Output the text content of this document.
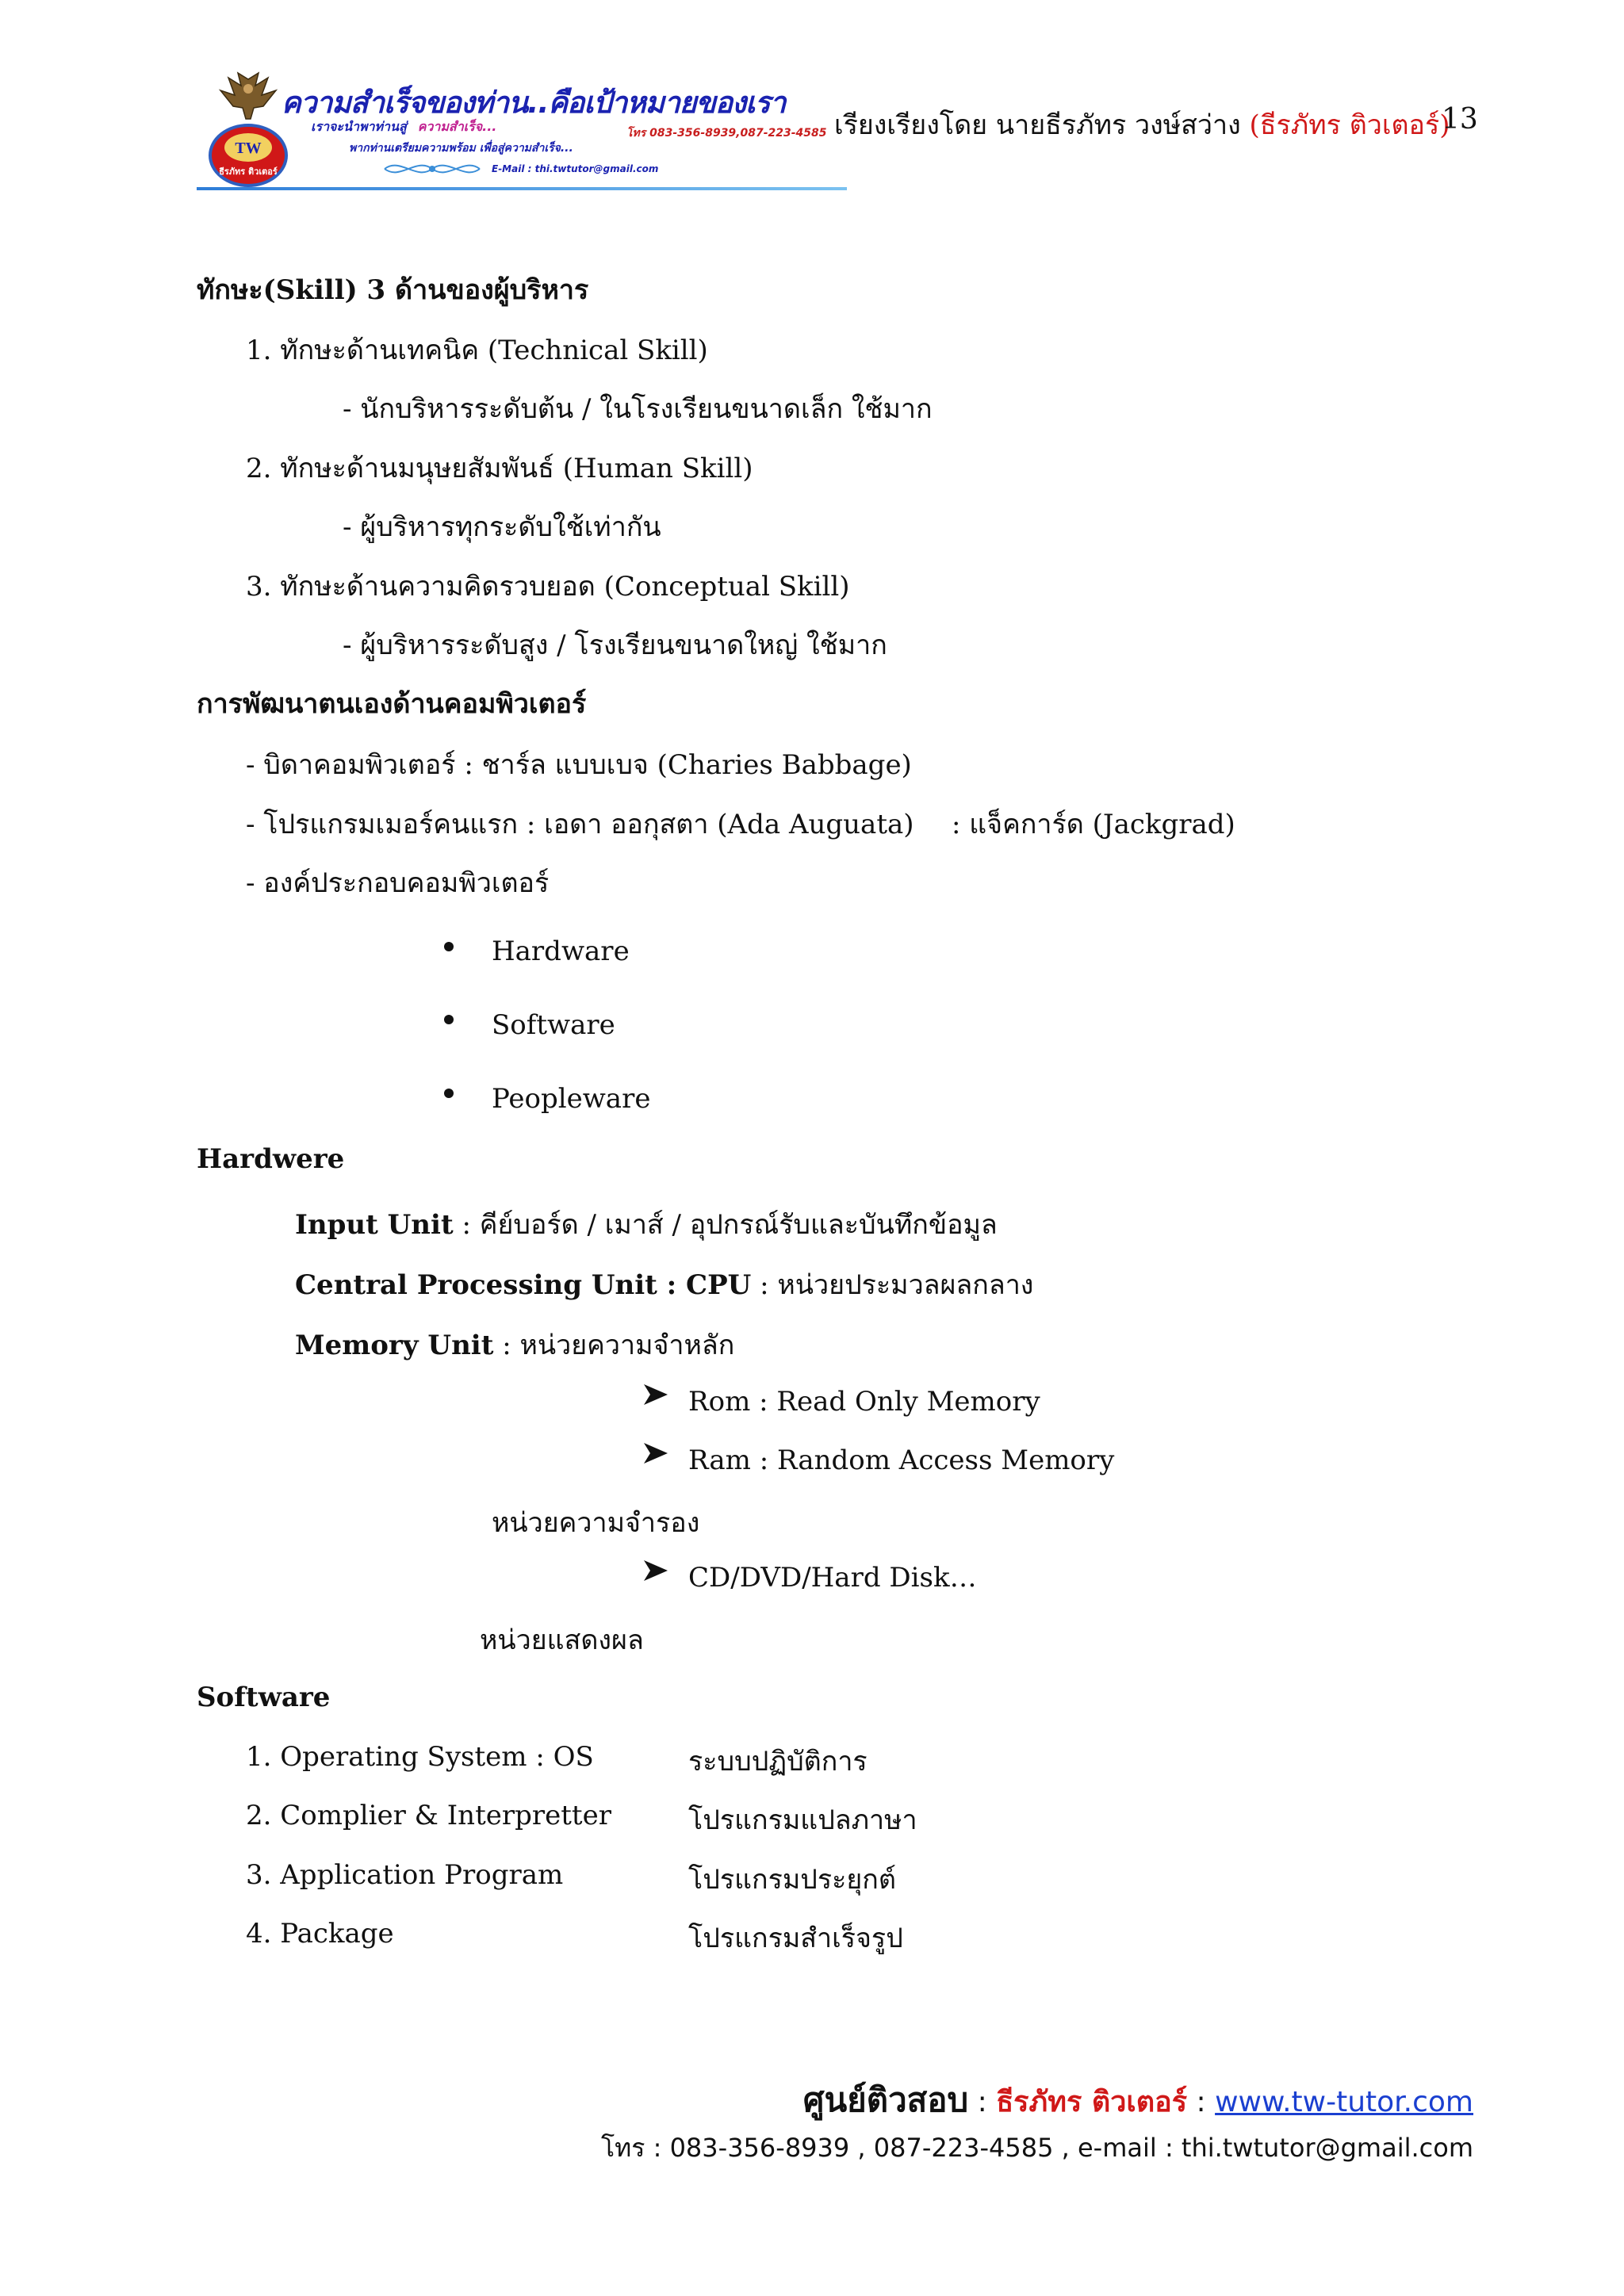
TW
ธีรภัทร ติวเตอร์
ความสำเร็จของท่าน..คือเป้าหมายของเรา
เราจะนำพาท่านสู่ ความสำเร็จ...
พากท่านเตรียมความพร้อม เพื่อสู่ความสำเร็จ...
โทร 083-356-8939,087-223-4585
E-Mail : thi.twtutor@gmail.com
เรียงเรียงโดย นายธีรภัทร วงษ์สว่าง (ธีรภัทร ติวเตอร์)
13
ทักษะ(Skill) 3 ด้านของผู้บริหาร
1. ทักษะด้านเทคนิค (Technical Skill)
- นักบริหารระดับต้น / ในโรงเรียนขนาดเล็ก ใช้มาก
2. ทักษะด้านมนุษยสัมพันธ์ (Human Skill)
- ผู้บริหารทุกระดับใช้เท่ากัน
3. ทักษะด้านความคิดรวบยอด (Conceptual Skill)
- ผู้บริหารระดับสูง / โรงเรียนขนาดใหญ่ ใช้มาก
การพัฒนาตนเองด้านคอมพิวเตอร์
- บิดาคอมพิวเตอร์ : ชาร์ล แบบเบจ (Charies Babbage)
- โปรแกรมเมอร์คนแรก : เอดา ออกุสตา (Ada Auguata) : แจ็คการ์ด (Jackgrad)
- องค์ประกอบคอมพิวเตอร์
Hardware
Software
Peopleware
Hardwere
Input Unit : คีย์บอร์ด / เมาส์ / อุปกรณ์รับและบันทึกข้อมูล
Central Processing Unit : CPU : หน่วยประมวลผลกลาง
Memory Unit : หน่วยความจำหลัก
Rom : Read Only Memory
Ram : Random Access Memory
หน่วยความจำรอง
CD/DVD/Hard Disk…
หน่วยแสดงผล
Software
1. Operating System : OS	ระบบปฏิบัติการ
2. Complier & Interpretter	โปรแกรมแปลภาษา
3. Application Program	โปรแกรมประยุกต์
4. Package	โปรแกรมสำเร็จรูป
ศูนย์ติวสอบ : ธีรภัทร ติวเตอร์ : www.tw-tutor.com
โทร : 083-356-8939 , 087-223-4585 , e-mail : thi.twtutor@gmail.com
